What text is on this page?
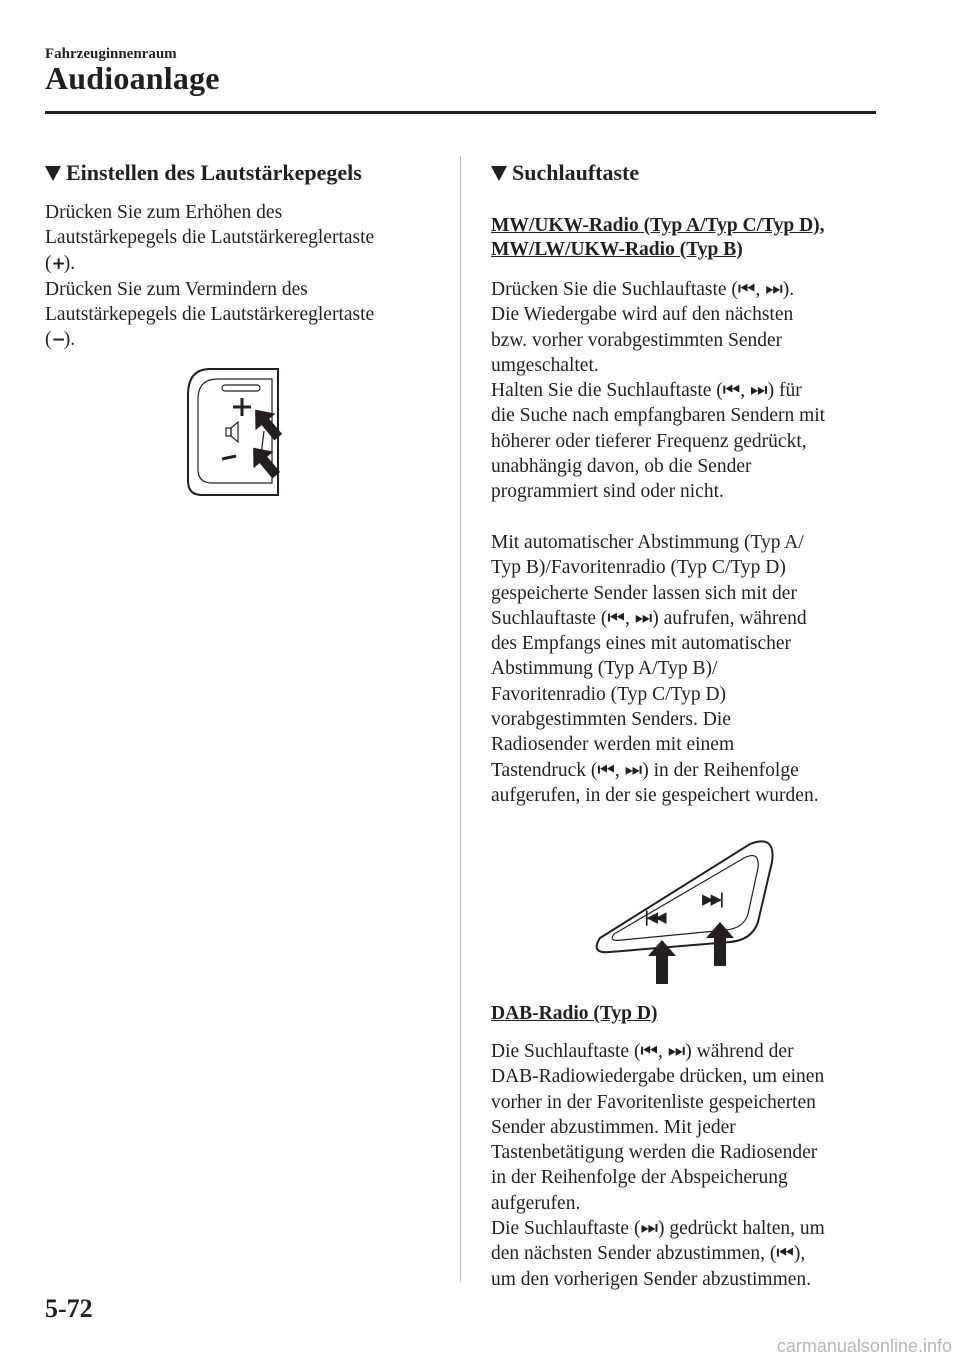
Fahrzeuginnenraum
Audioanlage
Einstellen des Lautstärkepegels
Drücken Sie zum Erhöhen des
Lautstärkepegels die Lautstärkereglertaste
(+).
Drücken Sie zum Vermindern des
Lautstärkepegels die Lautstärkereglertaste
(−).
Suchlauftaste
MW/UKW-Radio (Typ A/Typ C/Typ D),
MW/LW/UKW-Radio (Typ B)
Drücken Sie die Suchlauftaste (⏮, ⏭).
Die Wiedergabe wird auf den nächsten
bzw. vorher vorabgestimmten Sender
umgeschaltet.
Halten Sie die Suchlauftaste (⏮, ⏭) für
die Suche nach empfangbaren Sendern mit
höherer oder tieferer Frequenz gedrückt,
unabhängig davon, ob die Sender
programmiert sind oder nicht.
Mit automatischer Abstimmung (Typ A/
Typ B)/Favoritenradio (Typ C/Typ D)
gespeicherte Sender lassen sich mit der
Suchlauftaste (⏮, ⏭) aufrufen, während
des Empfangs eines mit automatischer
Abstimmung (Typ A/Typ B)/
Favoritenradio (Typ C/Typ D)
vorabgestimmten Senders. Die
Radiosender werden mit einem
Tastendruck (⏮, ⏭) in der Reihenfolge
aufgerufen, in der sie gespeichert wurden.
|◀◀
▶▶|
DAB-Radio (Typ D)
Die Suchlauftaste (⏮, ⏭) während der
DAB-Radiowiedergabe drücken, um einen
vorher in der Favoritenliste gespeicherten
Sender abzustimmen. Mit jeder
Tastenbetätigung werden die Radiosender
in der Reihenfolge der Abspeicherung
aufgerufen.
Die Suchlauftaste (⏭) gedrückt halten, um
den nächsten Sender abzustimmen, (⏮),
um den vorherigen Sender abzustimmen.
5-72
carmanualsonline.info
